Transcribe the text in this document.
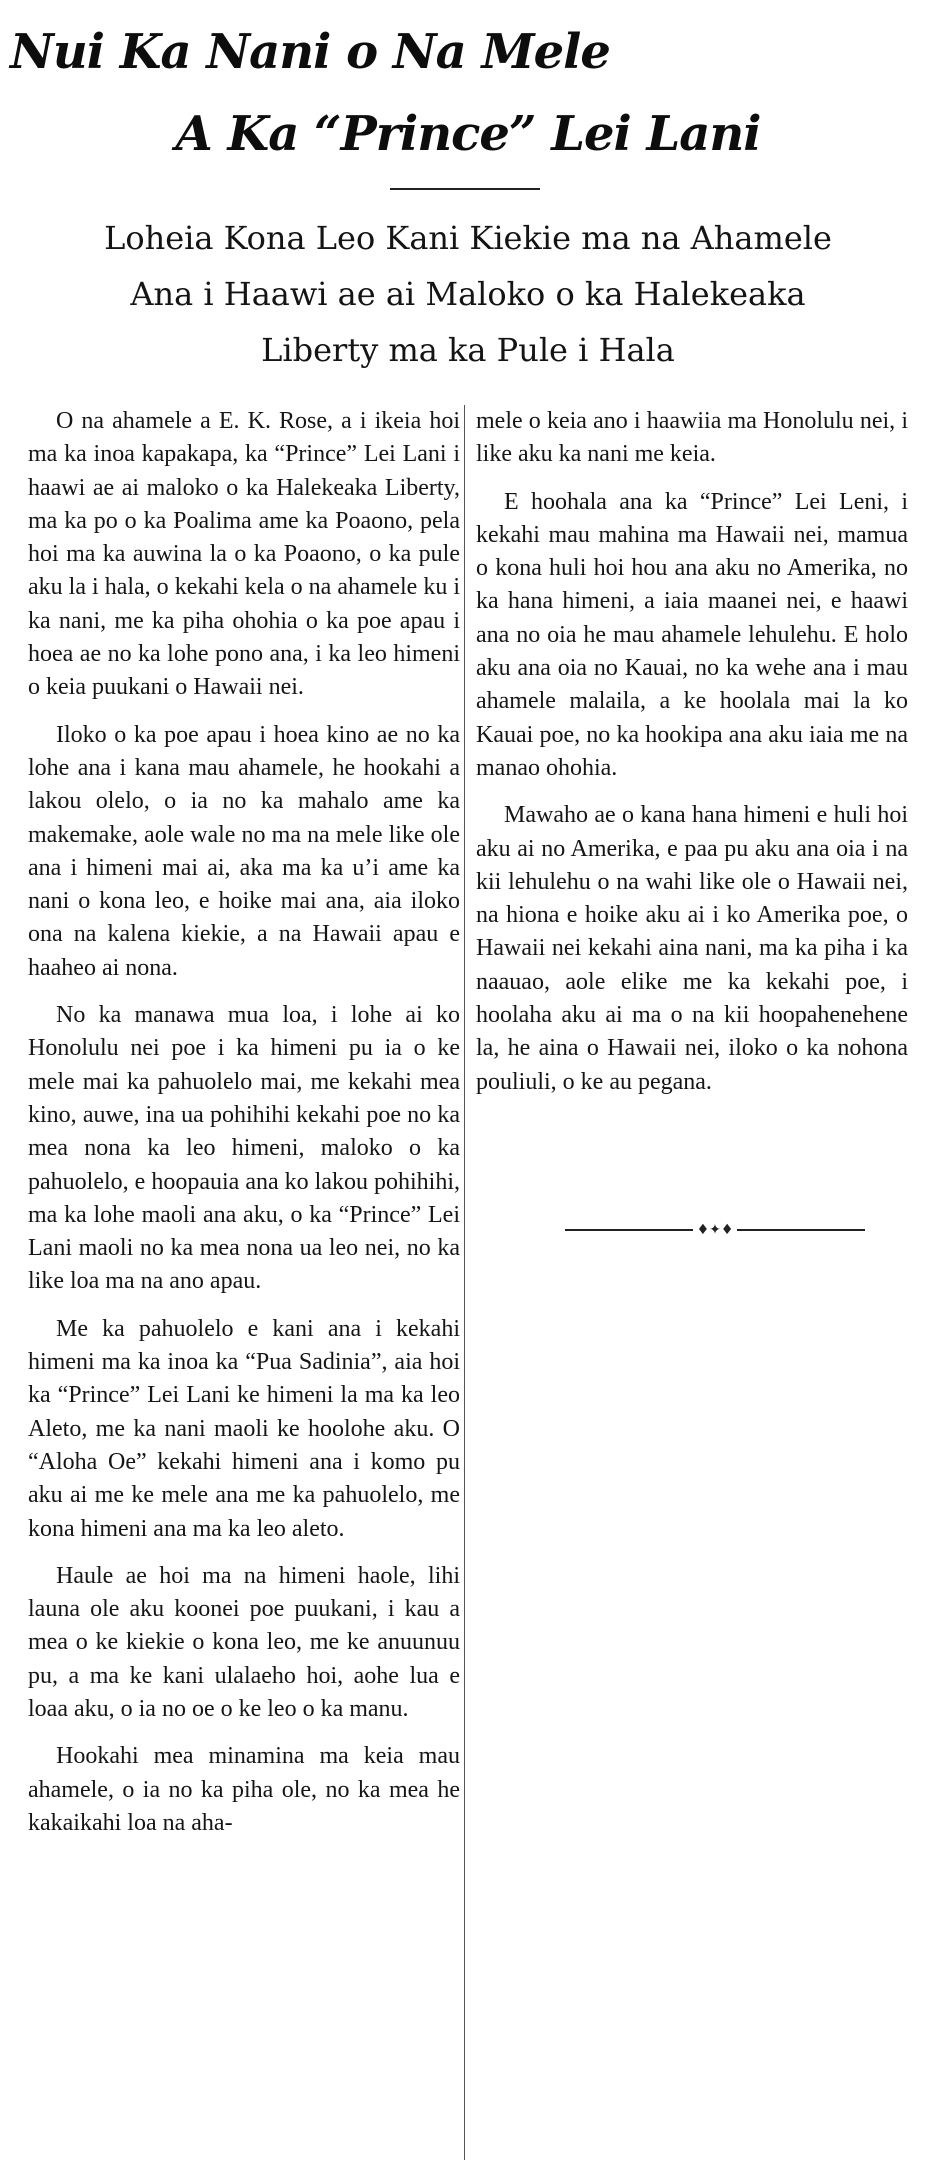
Nui Ka Nani o Na Mele
A Ka “Prince” Lei Lani
Loheia Kona Leo Kani Kiekie ma na Ahamele
Ana i Haawi ae ai Maloko o ka Halekeaka
Liberty ma ka Pule i Hala

O na ahamele a E. K. Rose, a i ikeia hoi ma ka inoa kapakapa, ka “Prince” Lei Lani i haawi ae ai maloko o ka Halekeaka Liberty, ma ka po o ka Poalima ame ka Poaono, pela hoi ma ka auwina la o ka Poaono, o ka pule aku la i hala, o kekahi kela o na ahamele ku i ka nani, me ka piha ohohia o ka poe apau i hoea ae no ka lohe pono ana, i ka leo himeni o keia puukani o Hawaii nei.

Iloko o ka poe apau i hoea kino ae no ka lohe ana i kana mau ahamele, he hookahi a lakou olelo, o ia no ka mahalo ame ka makemake, aole wale no ma na mele like ole ana i himeni mai ai, aka ma ka u’i ame ka nani o kona leo, e hoike mai ana, aia iloko ona na kalena kiekie, a na Hawaii apau e haaheo ai nona.

No ka manawa mua loa, i lohe ai ko Honolulu nei poe i ka himeni pu ia o ke mele mai ka pahuolelo mai, me kekahi mea kino, auwe, ina ua pohihihi kekahi poe no ka mea nona ka leo himeni, maloko o ka pahuolelo, e hoopauia ana ko lakou pohihihi, ma ka lohe maoli ana aku, o ka “Prince” Lei Lani maoli no ka mea nona ua leo nei, no ka like loa ma na ano apau.

Me ka pahuolelo e kani ana i kekahi himeni ma ka inoa ka “Pua Sadinia”, aia hoi ka “Prince” Lei Lani ke himeni la ma ka leo Aleto, me ka nani maoli ke hoolohe aku. O “Aloha Oe” kekahi himeni ana i komo pu aku ai me ke mele ana me ka pahuolelo, me kona himeni ana ma ka leo aleto.

Haule ae hoi ma na himeni haole, lihi launa ole aku koonei poe puukani, i kau a mea o ke kiekie o kona leo, me ke anuunuu pu, a ma ke kani ulalaeho hoi, aohe lua e loaa aku, o ia no oe o ke leo o ka manu.

Hookahi mea minamina ma keia mau ahamele, o ia no ka piha ole, no ka mea he kakaikahi loa na aha-

mele o keia ano i haawiia ma Honolulu nei, i like aku ka nani me keia.

E hoohala ana ka “Prince” Lei Leni, i kekahi mau mahina ma Hawaii nei, mamua o kona huli hoi hou ana aku no Amerika, no ka hana himeni, a iaia maanei nei, e haawi ana no oia he mau ahamele lehulehu. E holo aku ana oia no Kauai, no ka wehe ana i mau ahamele malaila, a ke hoolala mai la ko Kauai poe, no ka hookipa ana aku iaia me na manao ohohia.

Mawaho ae o kana hana himeni e huli hoi aku ai no Amerika, e paa pu aku ana oia i na kii lehulehu o na wahi like ole o Hawaii nei, na hiona e hoike aku ai i ko Amerika poe, o Hawaii nei kekahi aina nani, ma ka piha i ka naauao, aole elike me ka kekahi poe, i hoolaha aku ai ma o na kii hoopahenehene la, he aina o Hawaii nei, iloko o ka nohona pouliuli, o ke au pegana.

♦✦♦
